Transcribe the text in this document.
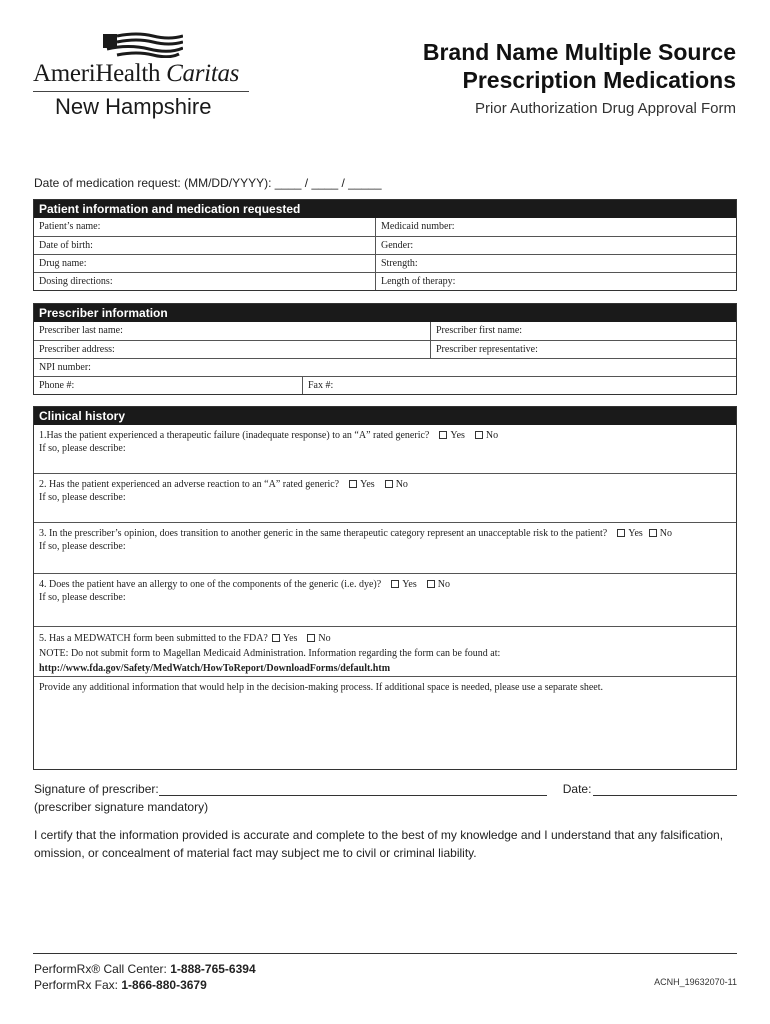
AmeriHealth Caritas
New Hampshire
Brand Name Multiple Source
Prescription Medications
Prior Authorization Drug Approval Form
Date of medication request: (MM/DD/YYYY): ____ / ____ / _____
Patient information and medication requested
Patient’s name:	Medicaid number:
Date of birth:	Gender:
Drug name:	Strength:
Dosing directions:	Length of therapy:
Prescriber information
Prescriber last name:	Prescriber first name:
Prescriber address:	Prescriber representative:
NPI number:
Phone #:	Fax #:
Clinical history
1.Has the patient experienced a therapeutic failure (inadequate response) to an “A” rated generic?	Yes	No
If so, please describe:
2. Has the patient experienced an adverse reaction to an “A” rated generic?	Yes	No
If so, please describe:
3. In the prescriber’s opinion, does transition to another generic in the same therapeutic category represent an unacceptable risk to the patient?	Yes	No
If so, please describe:
4. Does the patient have an allergy to one of the components of the generic (i.e. dye)?	Yes	No
If so, please describe:
5. Has a MEDWATCH form been submitted to the FDA?	Yes	No
NOTE: Do not submit form to Magellan Medicaid Administration. Information regarding the form can be found at:
http://www.fda.gov/Safety/MedWatch/HowToReport/DownloadForms/default.htm
Provide any additional information that would help in the decision-making process. If additional space is needed, please use a separate sheet.
Signature of prescriber:	Date:
(prescriber signature mandatory)
I certify that the information provided is accurate and complete to the best of my knowledge and I understand that any falsification, omission, or concealment of material fact may subject me to civil or criminal liability.
PerformRx® Call Center: 1-888-765-6394
PerformRx Fax: 1-866-880-3679	ACNH_19632070-11
